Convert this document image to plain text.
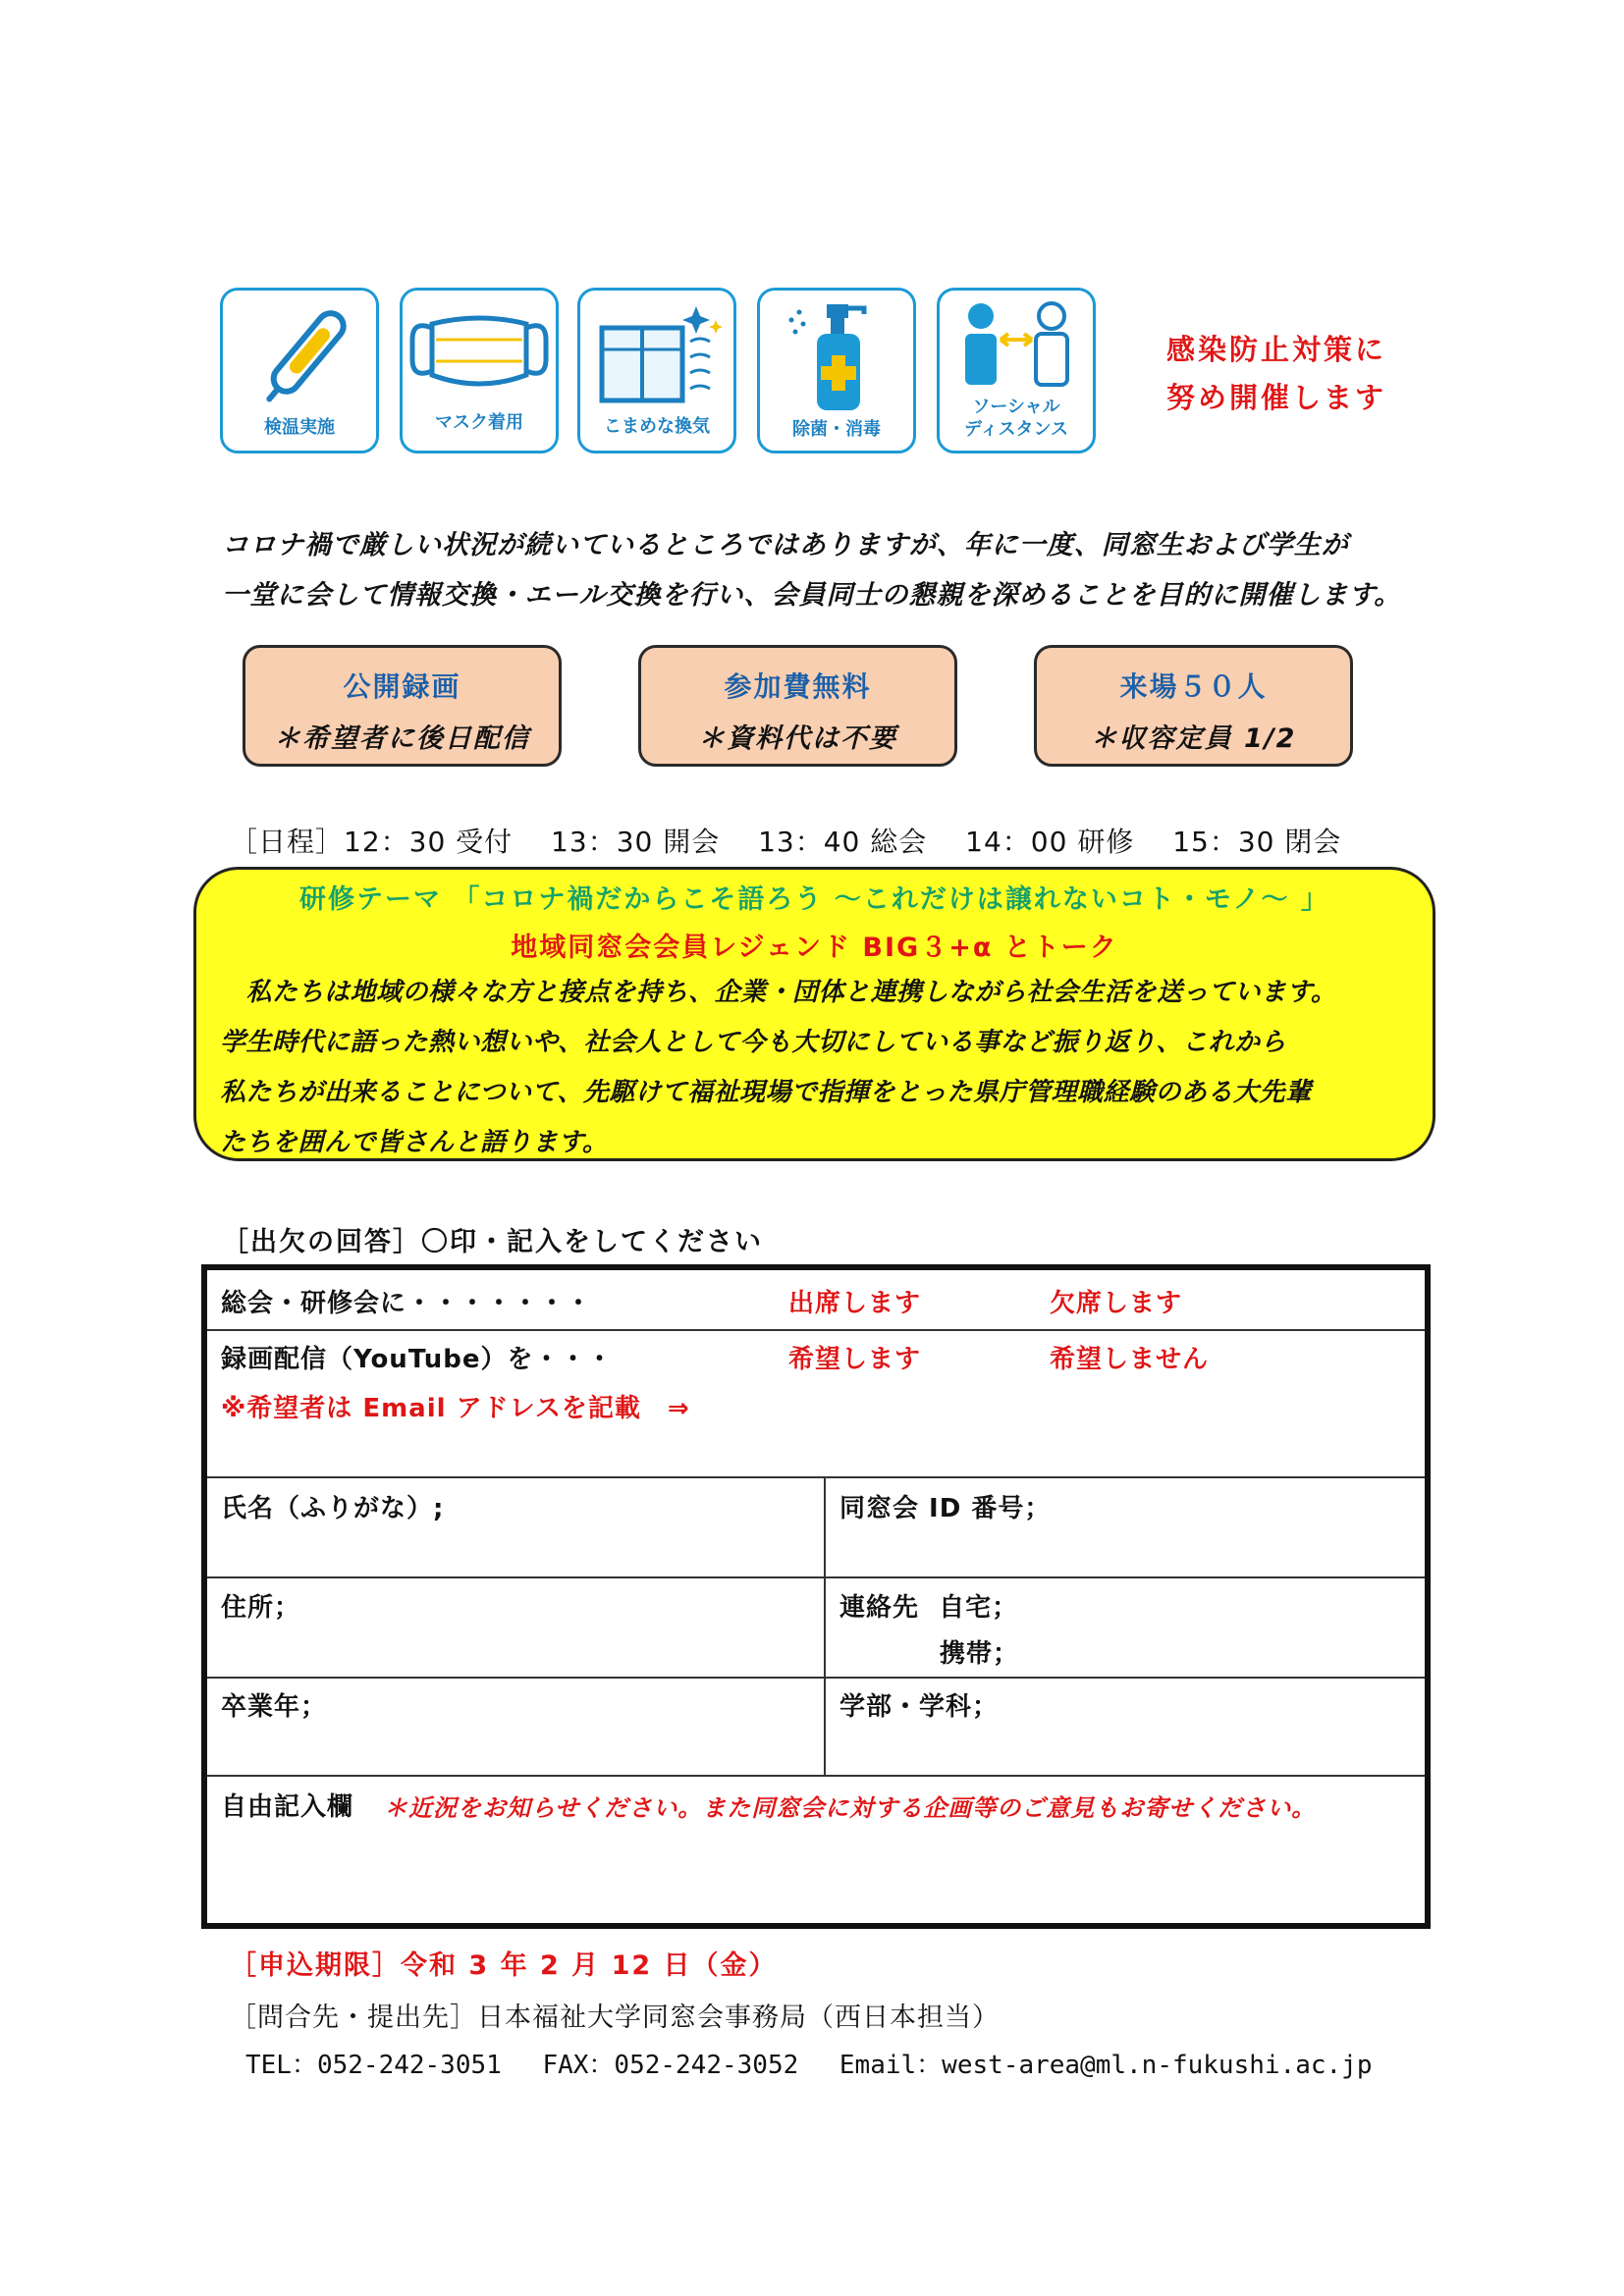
検温実施	マスク着用	こまめな換気	除菌・消毒
ソーシャル
ディスタンス
感染防止対策に
努め開催します
コロナ禍で厳しい状況が続いているところではありますが、年に一度、同窓生および学生が
一堂に会して情報交換・エール交換を行い、会員同士の懇親を深めることを目的に開催します。
公開録画
＊希望者に後日配信
参加費無料
＊資料代は不要
来場５０人
＊収容定員 1/2
［日程］12：30 受付　 13：30 開会　 13：40 総会　 14：00 研修　 15：30 閉会
研修テーマ 「コロナ禍だからこそ語ろう ～これだけは譲れないコト・モノ～ 」
地域同窓会会員レジェンド BIG３+α とトーク
　私たちは地域の様々な方と接点を持ち、企業・団体と連携しながら社会生活を送っています。
学生時代に語った熱い想いや、社会人として今も大切にしている事など振り返り、これから
私たちが出来ることについて、先駆けて福祉現場で指揮をとった県庁管理職経験のある大先輩
たちを囲んで皆さんと語ります。
［出欠の回答］〇印・記入をしてください
総会・研修会に・・・・・・・	出席します	欠席します
録画配信（YouTube）を・・・	希望します	希望しません
※希望者は Email アドレスを記載　⇒
氏名（ふりがな）;	同窓会 ID 番号；
住所；	連絡先  自宅；
携帯；
卒業年；	学部・学科；
自由記入欄 ＊近況をお知らせください。また同窓会に対する企画等のご意見もお寄せください。
［申込期限］令和 3 年 2 月 12 日（金）
［問合先・提出先］日本福祉大学同窓会事務局（西日本担当）
TEL：052-242-3051　 FAX：052-242-3052　 Email：west-area@ml.n-fukushi.ac.jp
